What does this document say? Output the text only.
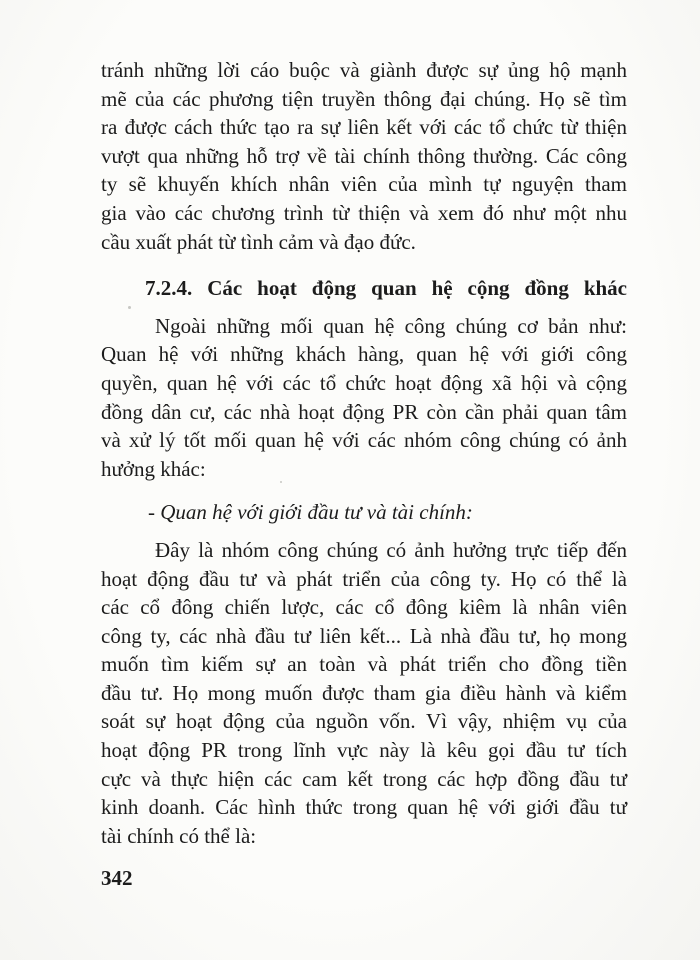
tránh những lời cáo buộc và giành được sự ủng hộ mạnh
mẽ của các phương tiện truyền thông đại chúng. Họ sẽ tìm
ra được cách thức tạo ra sự liên kết với các tổ chức từ thiện
vượt qua những hỗ trợ về tài chính thông thường. Các công
ty sẽ khuyến khích nhân viên của mình tự nguyện tham
gia vào các chương trình từ thiện và xem đó như một nhu
cầu xuất phát từ tình cảm và đạo đức.
7.2.4. Các hoạt động quan hệ cộng đồng khác
Ngoài những mối quan hệ công chúng cơ bản như:
Quan hệ với những khách hàng, quan hệ với giới công
quyền, quan hệ với các tổ chức hoạt động xã hội và cộng
đồng dân cư, các nhà hoạt động PR còn cần phải quan tâm
và xử lý tốt mối quan hệ với các nhóm công chúng có ảnh
hưởng khác:
- Quan hệ với giới đầu tư và tài chính:
Đây là nhóm công chúng có ảnh hưởng trực tiếp đến
hoạt động đầu tư và phát triển của công ty. Họ có thể là
các cổ đông chiến lược, các cổ đông kiêm là nhân viên
công ty, các nhà đầu tư liên kết... Là nhà đầu tư, họ mong
muốn tìm kiếm sự an toàn và phát triển cho đồng tiền
đầu tư. Họ mong muốn được tham gia điều hành và kiểm
soát sự hoạt động của nguồn vốn. Vì vậy, nhiệm vụ của
hoạt động PR trong lĩnh vực này là kêu gọi đầu tư tích
cực và thực hiện các cam kết trong các hợp đồng đầu tư
kinh doanh. Các hình thức trong quan hệ với giới đầu tư
tài chính có thể là:
342
